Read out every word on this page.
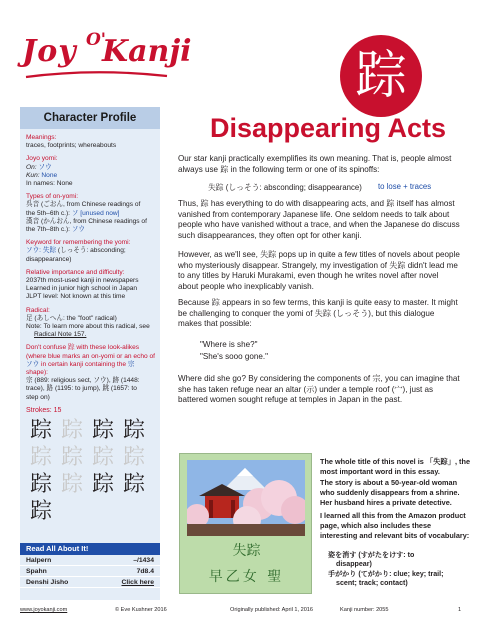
Joy O'
Kanji	踪
Character Profile
Meanings:
traces, footprints; whereabouts
Joyo yomi:
On: ソウ
Kun: None
In names: None
Types of on-yomi:
呉音 (ごおん, from Chinese readings of
the 5th–6th c.): ソ [unused now]
漢音 (かんおん, from Chinese readings of
the 7th–8th c.): ソウ
Keyword for remembering the yomi:
ソウ: 失踪 (しっそう: absconding;
disappearance)
Relative importance and difficulty:
2037th most-used kanji in newspapers
Learned in junior high school in Japan
JLPT level: Not known at this time
Radical:
足 (あしへん: the "foot" radical)
Note: To learn more about this radical, see
Radical Note 157.
Don't confuse 踪 with these look-alikes
(where blue marks an on-yomi or an echo of
ソウ in certain kanji containing the 宗 shape):
宗 (889: religious sect, ソウ), 跡 (1448:
trace), 路 (1195: to jump), 跳 (1657: to
step on)
Strokes: 15
踪 踪 踪 踪
踪 踪 踪 踪
踪 踪 踪 踪
踪
Read All About It!
Halpern	–/1434
Spahn	7d8.4
Denshi Jisho	Click here
Disappearing Acts
Our star kanji practically exemplifies its own meaning. That is, people almost always use 踪 in the following term or one of its spinoffs:
失踪 (しっそう: absconding; disappearance) to lose + traces
Thus, 踪 has everything to do with disappearing acts, and 踪 itself has almost vanished from contemporary Japanese life. One seldom needs to talk about people who have vanished without a trace, and when the Japanese do discuss such disappearances, they often opt for other kanji.
However, as we'll see, 失踪 pops up in quite a few titles of novels about people who mysteriously disappear. Strangely, my investigation of 失踪 didn't lead me to any titles by Haruki Murakami, even though he writes novel after novel about people who inexplicably vanish.
Because 踪 appears in so few terms, this kanji is quite easy to master. It might be challenging to conquer the yomi of 失踪 (しっそう), but this dialogue makes that possible:
"Where is she?"
"She's sooo gone."
Where did she go? By considering the components of 宗, you can imagine that she has taken refuge near an altar (示) under a temple roof (宀), just as battered women sought refuge at temples in Japan in the past.
失踪
早乙女 聖
The whole title of this novel is 「失踪」, the most important word in this essay.
The story is about a 50-year-old woman who suddenly disappears from a shrine. Her husband hires a private detective.
I learned all this from the Amazon product page, which also includes these interesting and relevant bits of vocabulary:
姿を消す (すがたをけす: to
disappear)
手がかり (てがかり: clue; key; trail;
scent; track; contact)
www.joyokanji.com	© Eve Kushner 2016	Originally published: April 1, 2016	Kanji number: 2055	1
